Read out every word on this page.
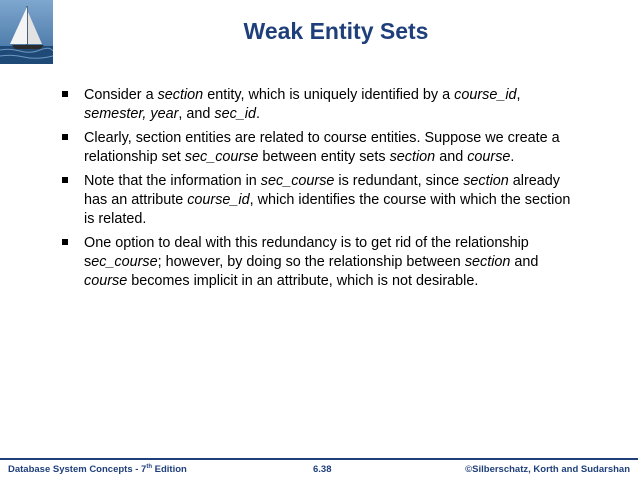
Weak Entity Sets
Consider a section entity, which is uniquely identified by a course_id, semester, year, and sec_id.
Clearly, section entities are related to course entities. Suppose we create a relationship set sec_course between entity sets section and course.
Note that the information in sec_course is redundant, since section already has an attribute course_id, which identifies the course with which the section is related.
One option to deal with this redundancy is to get rid of the relationship sec_course; however, by doing so the relationship between section and course becomes implicit in an attribute, which is not desirable.
Database System Concepts - 7th Edition	6.38	©Silberschatz, Korth and Sudarshan
